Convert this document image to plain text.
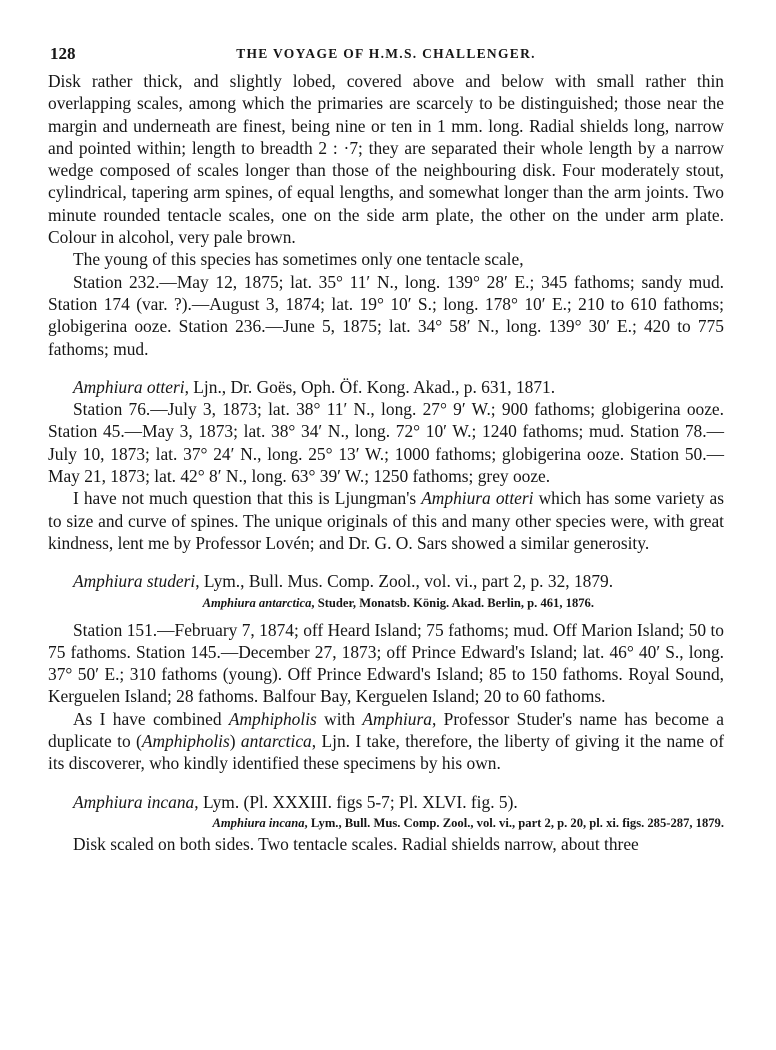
128	THE VOYAGE OF H.M.S. CHALLENGER.

Disk rather thick, and slightly lobed, covered above and below with small rather thin overlapping scales, among which the primaries are scarcely to be distinguished; those near the margin and underneath are finest, being nine or ten in 1 mm. long. Radial shields long, narrow and pointed within; length to breadth 2 : ·7; they are separated their whole length by a narrow wedge composed of scales longer than those of the neighbouring disk. Four moderately stout, cylindrical, tapering arm spines, of equal lengths, and somewhat longer than the arm joints. Two minute rounded tentacle scales, one on the side arm plate, the other on the under arm plate. Colour in alcohol, very pale brown.

The young of this species has sometimes only one tentacle scale,

Station 232.—May 12, 1875; lat. 35° 11′ N., long. 139° 28′ E.; 345 fathoms; sandy mud. Station 174 (var. ?).—August 3, 1874; lat. 19° 10′ S.; long. 178° 10′ E.; 210 to 610 fathoms; globigerina ooze. Station 236.—June 5, 1875; lat. 34° 58′ N., long. 139° 30′ E.; 420 to 775 fathoms; mud.

Amphiura otteri, Ljn., Dr. Goës, Oph. Öf. Kong. Akad., p. 631, 1871.

Station 76.—July 3, 1873; lat. 38° 11′ N., long. 27° 9′ W.; 900 fathoms; globigerina ooze. Station 45.—May 3, 1873; lat. 38° 34′ N., long. 72° 10′ W.; 1240 fathoms; mud. Station 78.—July 10, 1873; lat. 37° 24′ N., long. 25° 13′ W.; 1000 fathoms; globigerina ooze. Station 50.—May 21, 1873; lat. 42° 8′ N., long. 63° 39′ W.; 1250 fathoms; grey ooze.

I have not much question that this is Ljungman's Amphiura otteri which has some variety as to size and curve of spines. The unique originals of this and many other species were, with great kindness, lent me by Professor Lovén; and Dr. G. O. Sars showed a similar generosity.

Amphiura studeri, Lym., Bull. Mus. Comp. Zool., vol. vi., part 2, p. 32, 1879.
Amphiura antarctica, Studer, Monatsb. König. Akad. Berlin, p. 461, 1876.

Station 151.—February 7, 1874; off Heard Island; 75 fathoms; mud. Off Marion Island; 50 to 75 fathoms. Station 145.—December 27, 1873; off Prince Edward's Island; lat. 46° 40′ S., long. 37° 50′ E.; 310 fathoms (young). Off Prince Edward's Island; 85 to 150 fathoms. Royal Sound, Kerguelen Island; 28 fathoms. Balfour Bay, Kerguelen Island; 20 to 60 fathoms.

As I have combined Amphipholis with Amphiura, Professor Studer's name has become a duplicate to (Amphipholis) antarctica, Ljn. I take, therefore, the liberty of giving it the name of its discoverer, who kindly identified these specimens by his own.

Amphiura incana, Lym. (Pl. XXXIII. figs 5-7; Pl. XLVI. fig. 5).
Amphiura incana, Lym., Bull. Mus. Comp. Zool., vol. vi., part 2, p. 20, pl. xi. figs. 285-287, 1879.

Disk scaled on both sides. Two tentacle scales. Radial shields narrow, about three
